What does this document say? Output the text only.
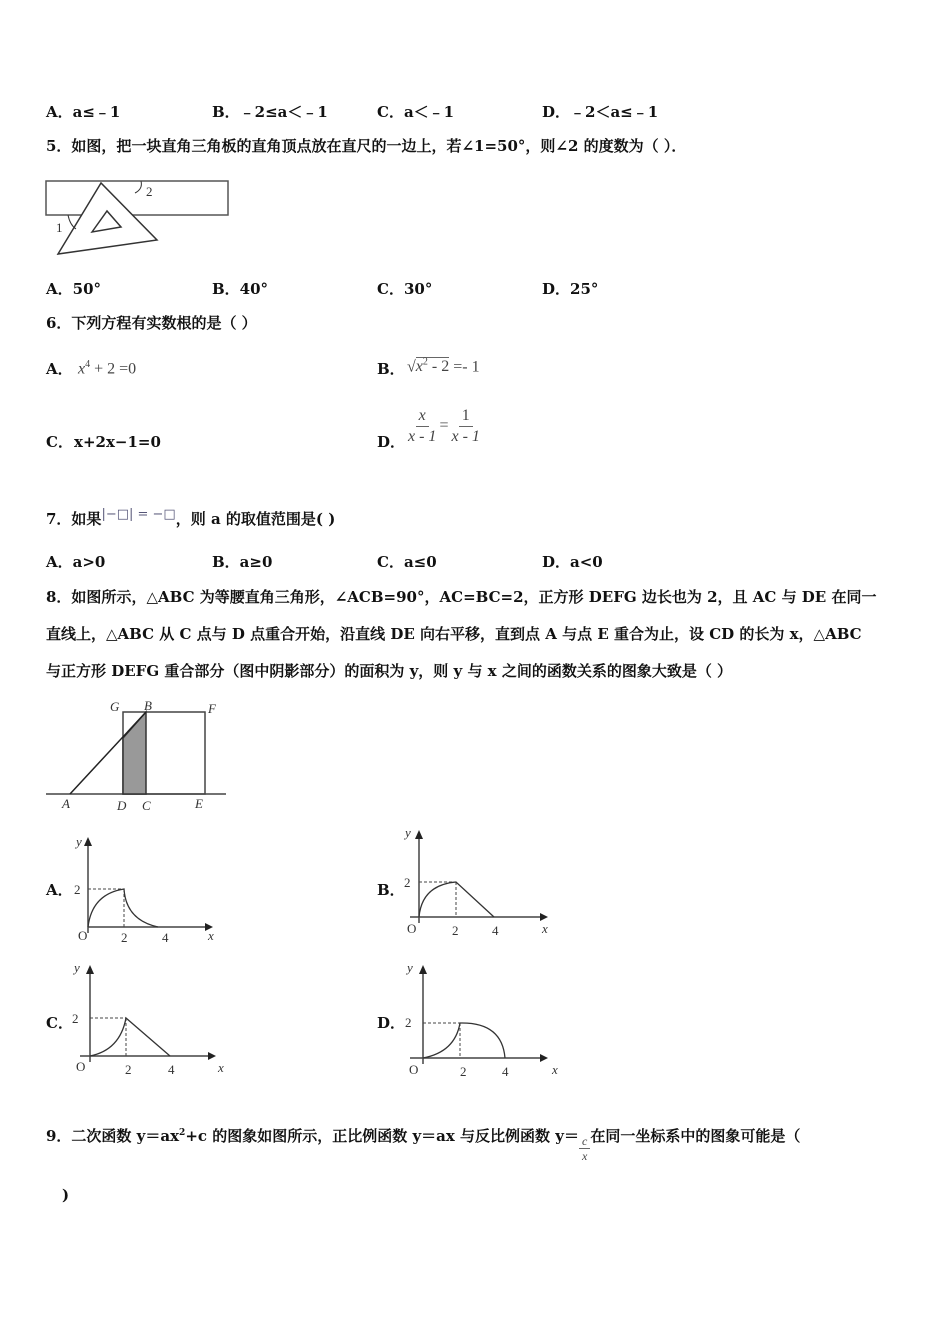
A．a≤﹣1	B．﹣2≤a＜﹣1	C．a＜﹣1	D．﹣2＜a≤﹣1
5．如图，把一块直角三角板的直角顶点放在直尺的一边上，若∠1=50°，则∠2 的度数为（ ）．
1
2
A．50°	B．40°	C．30°	D．25°
6．下列方程有实数根的是（ ）
A． $x^4 + 2 =0$	B． $√x^2 - 2 =- 1$
C． x+2x−1=0	D． $\frac{x}{x - 1} = \frac{1}{x - 1}$
7．如果|−□| = −□，则 a 的取值范围是( )
A．a>0	B．a≥0	C．a≤0	D．a<0
8．如图所示，△ABC 为等腰直角三角形，∠ACB=90°，AC=BC=2，正方形 DEFG 边长也为 2，且 AC 与 DE 在同一
直线上，△ABC 从 C 点与 D 点重合开始，沿直线 DE 向右平移，直到点 A 与点 E 重合为止，设 CD 的长为 x，△ABC
与正方形 DEFG 重合部分（图中阴影部分）的面积为 y，则 y 与 x 之间的函数关系的图象大致是（ ）
G B	F
A	D C	E
A．	B．
C．	D．
y
2
O	2	4	x
y
2
O	2	4	x
y
2
O	2	4	x
y
2
O	2	4	x
9．二次函数 $y=ax^2+c$ 的图象如图所示，正比例函数 y＝ax 与反比例函数 $y= \frac{c}{x}$ 在同一坐标系中的图象可能是（
)
